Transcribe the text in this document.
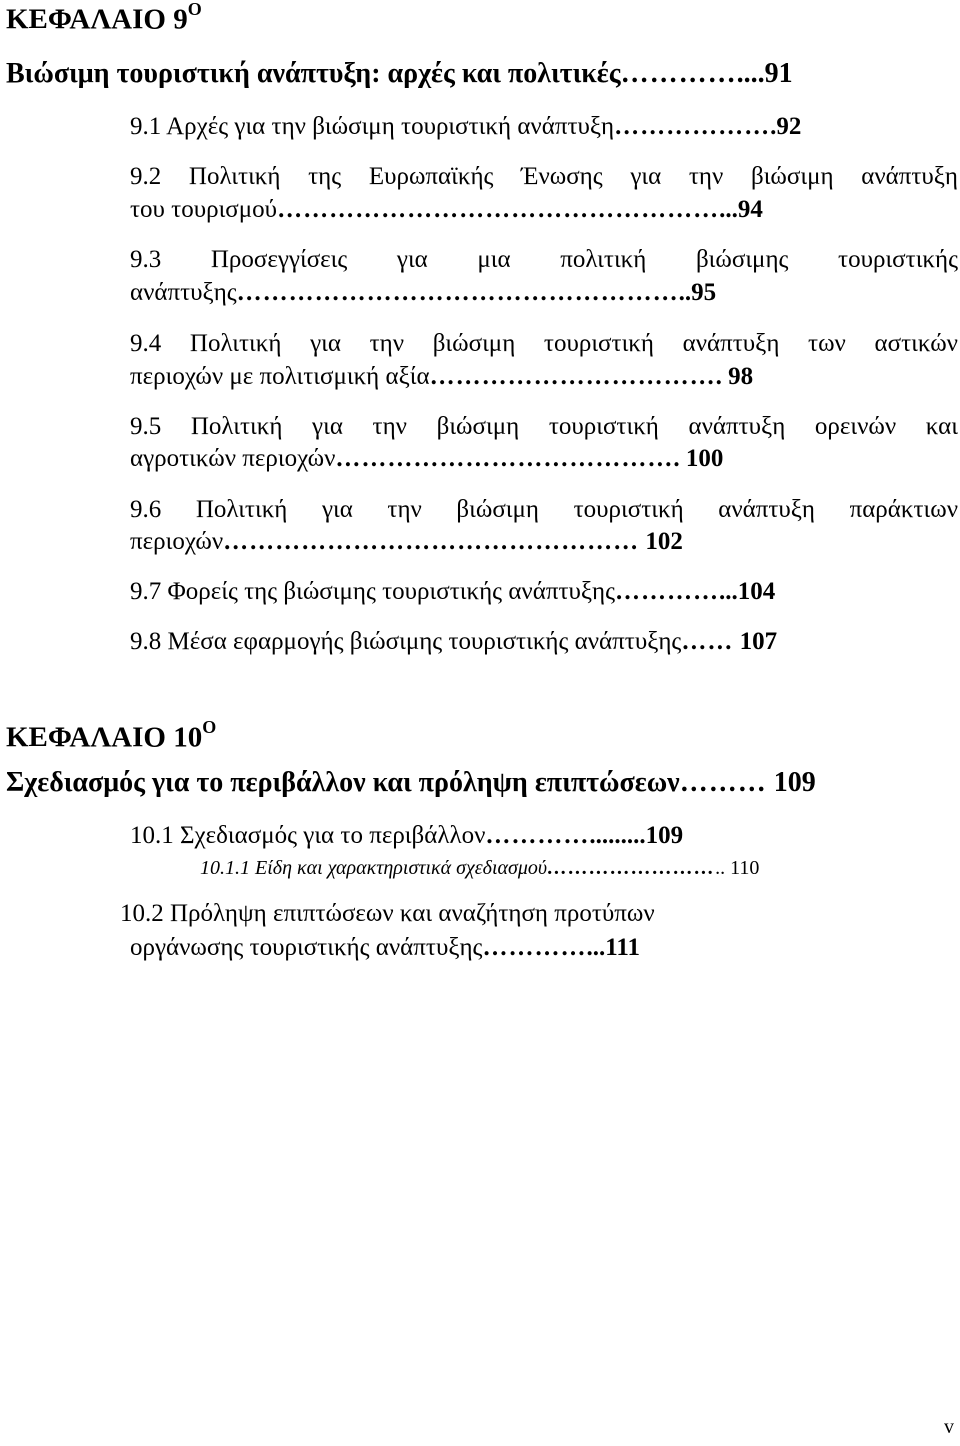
ΚΕΦΑΛΑΙΟ $9^O$
Βιώσιμη τουριστική ανάπτυξη: αρχές και πολιτικές…………....91
9.1 Αρχές για την βιώσιμη τουριστική ανάπτυξη……………….92
9.2 Πολιτική της Ευρωπαϊκής Ένωσης για την βιώσιμη ανάπτυξη
του τουρισμού……………………………………………...94
9.3 Προσεγγίσεις για μια πολιτική βιώσιμης τουριστικής
ανάπτυξης……………………………………………..95
9.4 Πολιτική για την βιώσιμη τουριστική ανάπτυξη των αστικών
περιοχών με πολιτισμική αξία……………………………. 98
9.5 Πολιτική για την βιώσιμη τουριστική ανάπτυξη ορεινών και
αγροτικών περιοχών…………………………………. 100
9.6 Πολιτική για την βιώσιμη τουριστική ανάπτυξη παράκτιων
περιοχών………………………………………… 102
9.7 Φορείς της βιώσιμης τουριστικής ανάπτυξης…………...104
9.8 Μέσα εφαρμογής βιώσιμης τουριστικής ανάπτυξης…… 107
ΚΕΦΑΛΑΙΟ $10^O$
Σχεδιασμός για το περιβάλλον και πρόληψη επιπτώσεων……… 109
10.1 Σχεδιασμός για το περιβάλλον………….........109
10.1.1 Είδη και χαρακτηριστικά σχεδιασμού…………………….. 110
10.2 Πρόληψη επιπτώσεων και αναζήτηση προτύπων
οργάνωσης τουριστικής ανάπτυξης…………...111
v
